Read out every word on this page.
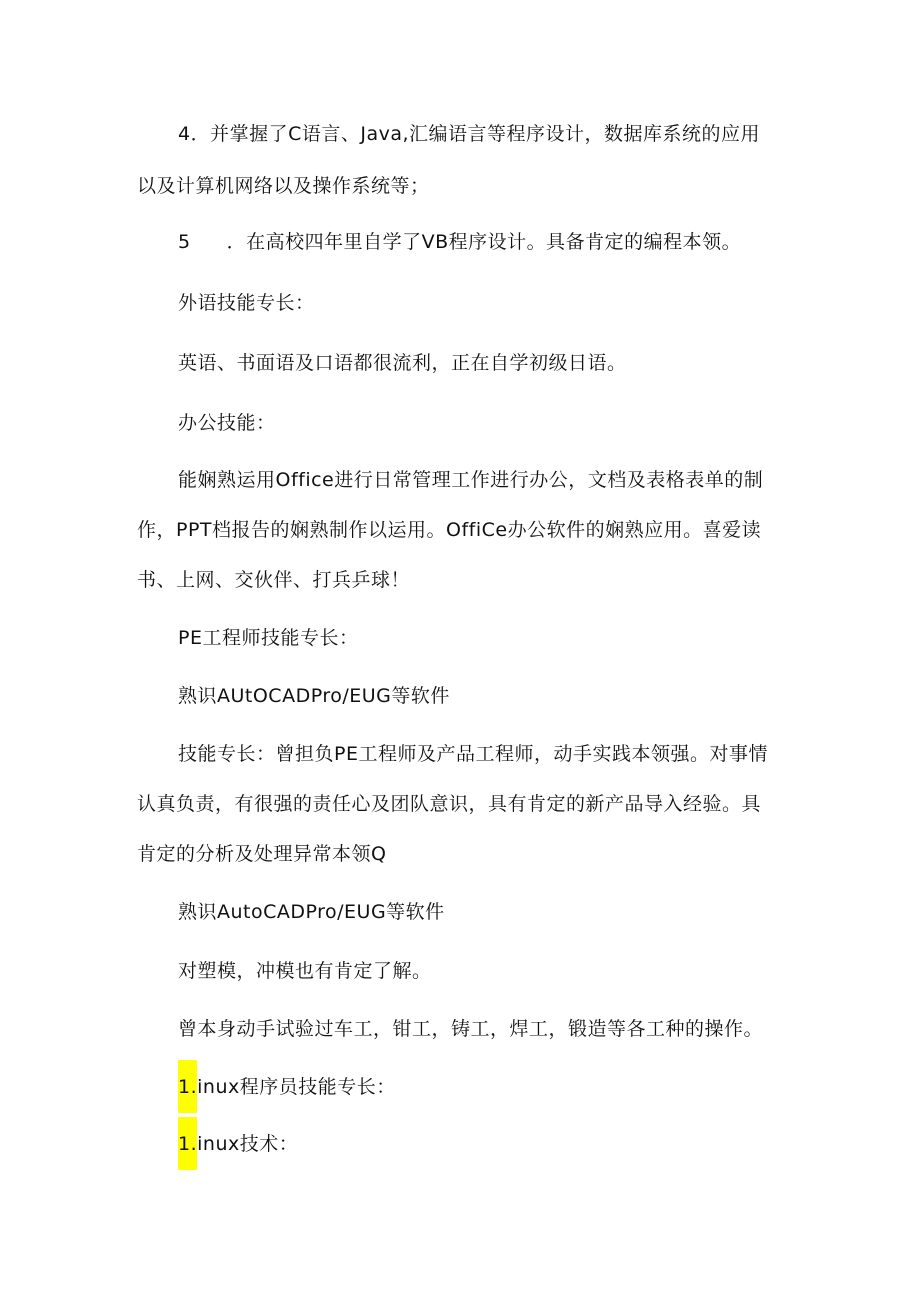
4．并掌握了C语言、Java,汇编语言等程序设计，数据库系统的应用
以及计算机网络以及操作系统等；
5 ．在高校四年里自学了VB程序设计。具备肯定的编程本领。
外语技能专长：
英语、书面语及口语都很流利，正在自学初级日语。
办公技能：
能娴熟运用Office进行日常管理工作进行办公，文档及表格表单的制
作，PPT档报告的娴熟制作以运用。OffiCe办公软件的娴熟应用。喜爱读
书、上网、交伙伴、打兵乒球！
PE工程师技能专长：
熟识AUtOCADPro/EUG等软件
技能专长：曾担负PE工程师及产品工程师，动手实践本领强。对事情
认真负责，有很强的责任心及团队意识，具有肯定的新产品导入经验。具
肯定的分析及处理异常本领Q
熟识AutoCADPro/EUG等软件
对塑模，冲模也有肯定了解。
曾本身动手试验过车工，钳工，铸工，焊工，锻造等各工种的操作。
1.inux程序员技能专长：
1.inux技术：
